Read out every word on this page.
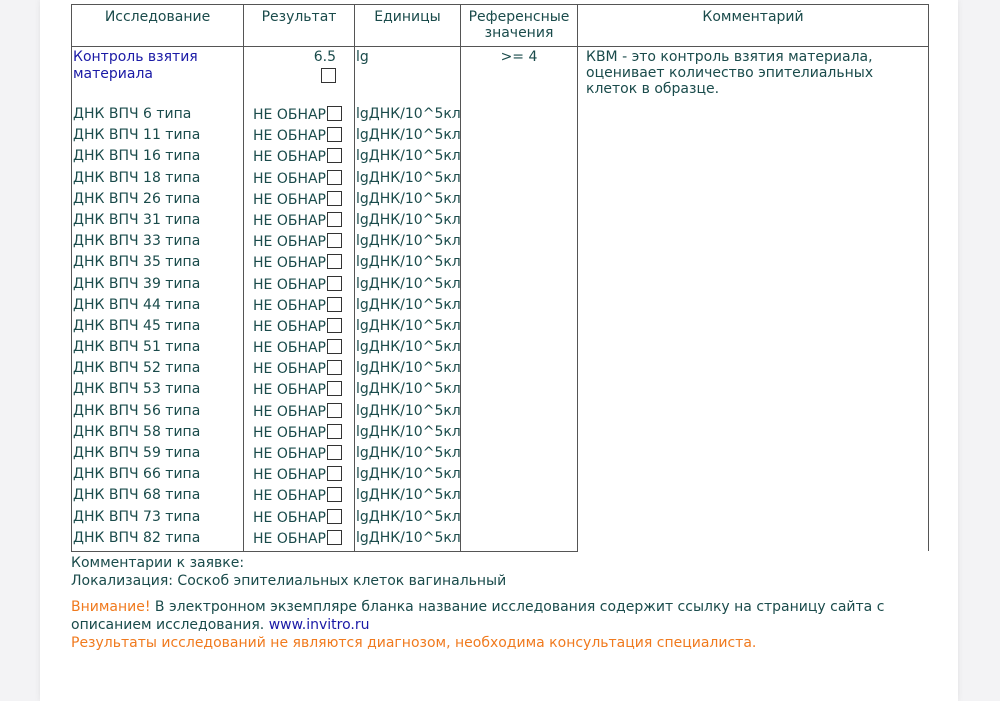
Исследование	Результат	Единицы	Референсные значения	Комментарий

Контроль взятия материала	6.5	lg	>= 4	КВМ - это контроль взятия материала, оценивает количество эпителиальных клеток в образце.
ДНК ВПЧ 6 типа	НЕ ОБНАР	lgДНК/10^5кл		
ДНК ВПЧ 11 типа	НЕ ОБНАР	lgДНК/10^5кл		
ДНК ВПЧ 16 типа	НЕ ОБНАР	lgДНК/10^5кл		
ДНК ВПЧ 18 типа	НЕ ОБНАР	lgДНК/10^5кл		
ДНК ВПЧ 26 типа	НЕ ОБНАР	lgДНК/10^5кл		
ДНК ВПЧ 31 типа	НЕ ОБНАР	lgДНК/10^5кл		
ДНК ВПЧ 33 типа	НЕ ОБНАР	lgДНК/10^5кл		
ДНК ВПЧ 35 типа	НЕ ОБНАР	lgДНК/10^5кл		
ДНК ВПЧ 39 типа	НЕ ОБНАР	lgДНК/10^5кл		
ДНК ВПЧ 44 типа	НЕ ОБНАР	lgДНК/10^5кл		
ДНК ВПЧ 45 типа	НЕ ОБНАР	lgДНК/10^5кл		
ДНК ВПЧ 51 типа	НЕ ОБНАР	lgДНК/10^5кл		
ДНК ВПЧ 52 типа	НЕ ОБНАР	lgДНК/10^5кл		
ДНК ВПЧ 53 типа	НЕ ОБНАР	lgДНК/10^5кл		
ДНК ВПЧ 56 типа	НЕ ОБНАР	lgДНК/10^5кл		
ДНК ВПЧ 58 типа	НЕ ОБНАР	lgДНК/10^5кл		
ДНК ВПЧ 59 типа	НЕ ОБНАР	lgДНК/10^5кл		
ДНК ВПЧ 66 типа	НЕ ОБНАР	lgДНК/10^5кл		
ДНК ВПЧ 68 типа	НЕ ОБНАР	lgДНК/10^5кл		
ДНК ВПЧ 73 типа	НЕ ОБНАР	lgДНК/10^5кл		
ДНК ВПЧ 82 типа	НЕ ОБНАР	lgДНК/10^5кл		
Комментарии к заявке:
Локализация: Соскоб эпителиальных клеток вагинальный
Внимание! В электронном экземпляре бланка название исследования содержит ссылку на страницу сайта с описанием исследования. www.invitro.ru
Результаты исследований не являются диагнозом, необходима консультация специалиста.
